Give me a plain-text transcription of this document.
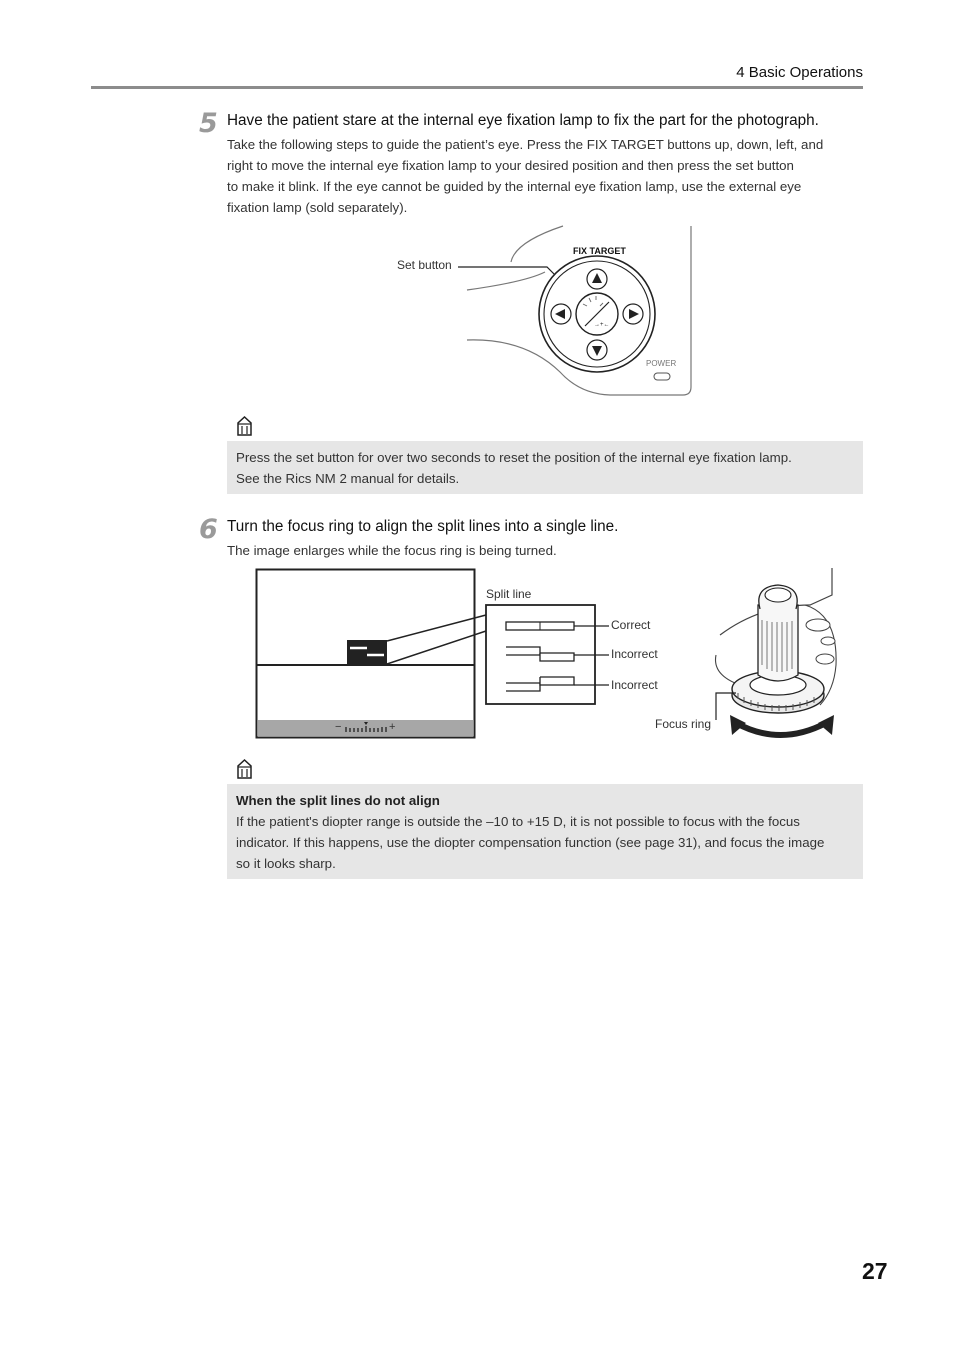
4 Basic Operations
5 Have the patient stare at the internal eye fixation lamp to fix the part for the photograph.
Take the following steps to guide the patient’s eye. Press the FIX TARGET buttons up, down, left, and
right to move the internal eye fixation lamp to your desired position and then press the set button
to make it blink. If the eye cannot be guided by the internal eye fixation lamp, use the external eye
fixation lamp (sold separately).
Set button
→+←
FIX TARGET
POWER
Press the set button for over two seconds to reset the position of the internal eye fixation lamp.
See the Rics NM 2 manual for details.
6 Turn the focus ring to align the split lines into a single line.
The image enlarges while the focus ring is being turned.
−	+
Split line
Correct
Incorrect
Incorrect
Focus ring
When the split lines do not align
If the patient's diopter range is outside the –10 to +15 D, it is not possible to focus with the focus
indicator. If this happens, use the diopter compensation function (see page 31), and focus the image
so it looks sharp.
27
